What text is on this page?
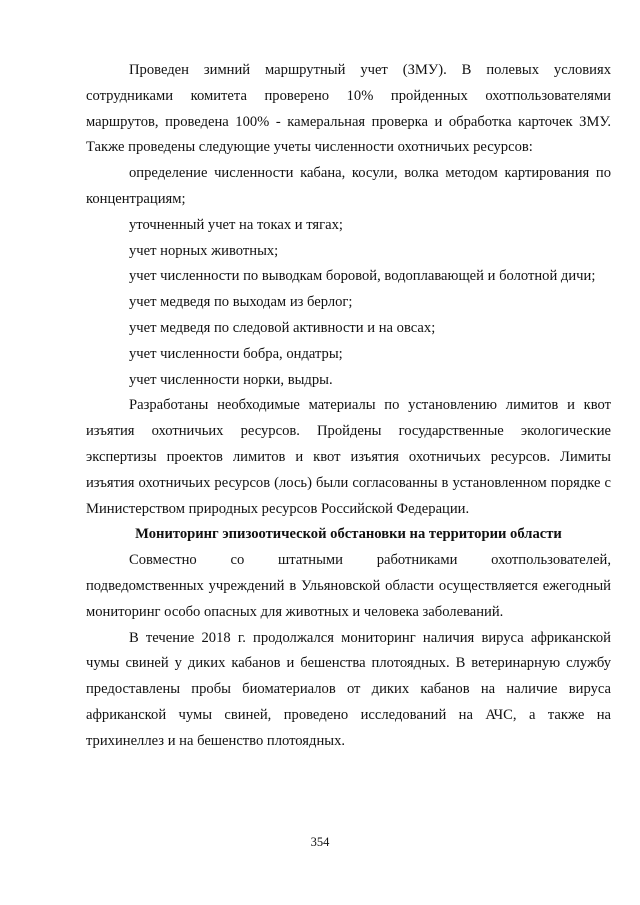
Проведен зимний маршрутный учет (ЗМУ). В полевых условиях сотрудниками комитета проверено 10% пройденных охотпользователями маршрутов, проведена 100% - камеральная проверка и обработка карточек ЗМУ. Также проведены следующие учеты численности охотничьих ресурсов:

определение численности кабана, косули, волка методом картирования по концентрациям;

уточненный учет на токах и тягах;

учет норных животных;

учет численности по выводкам боровой, водоплавающей и болотной дичи;

учет медведя по выходам из берлог;

учет медведя по следовой активности и на овсах;

учет численности бобра, ондатры;

учет численности норки, выдры.

Разработаны необходимые материалы по установлению лимитов и квот изъятия охотничьих ресурсов. Пройдены государственные экологические экспертизы проектов лимитов и квот изъятия охотничьих ресурсов. Лимиты изъятия охотничьих ресурсов (лось) были согласованны в установленном порядке с Министерством природных ресурсов Российской Федерации.

Мониторинг эпизоотической обстановки на территории области

Совместно со штатными работниками охотпользователей, подведомственных учреждений в Ульяновской области осуществляется ежегодный мониторинг особо опасных для животных и человека заболеваний.

В течение 2018 г. продолжался мониторинг наличия вируса африканской чумы свиней у диких кабанов и бешенства плотоядных. В ветеринарную службу предоставлены пробы биоматериалов от диких кабанов на наличие вируса африканской чумы свиней, проведено исследований на АЧС, а также на трихинеллез и на бешенство плотоядных.

354
